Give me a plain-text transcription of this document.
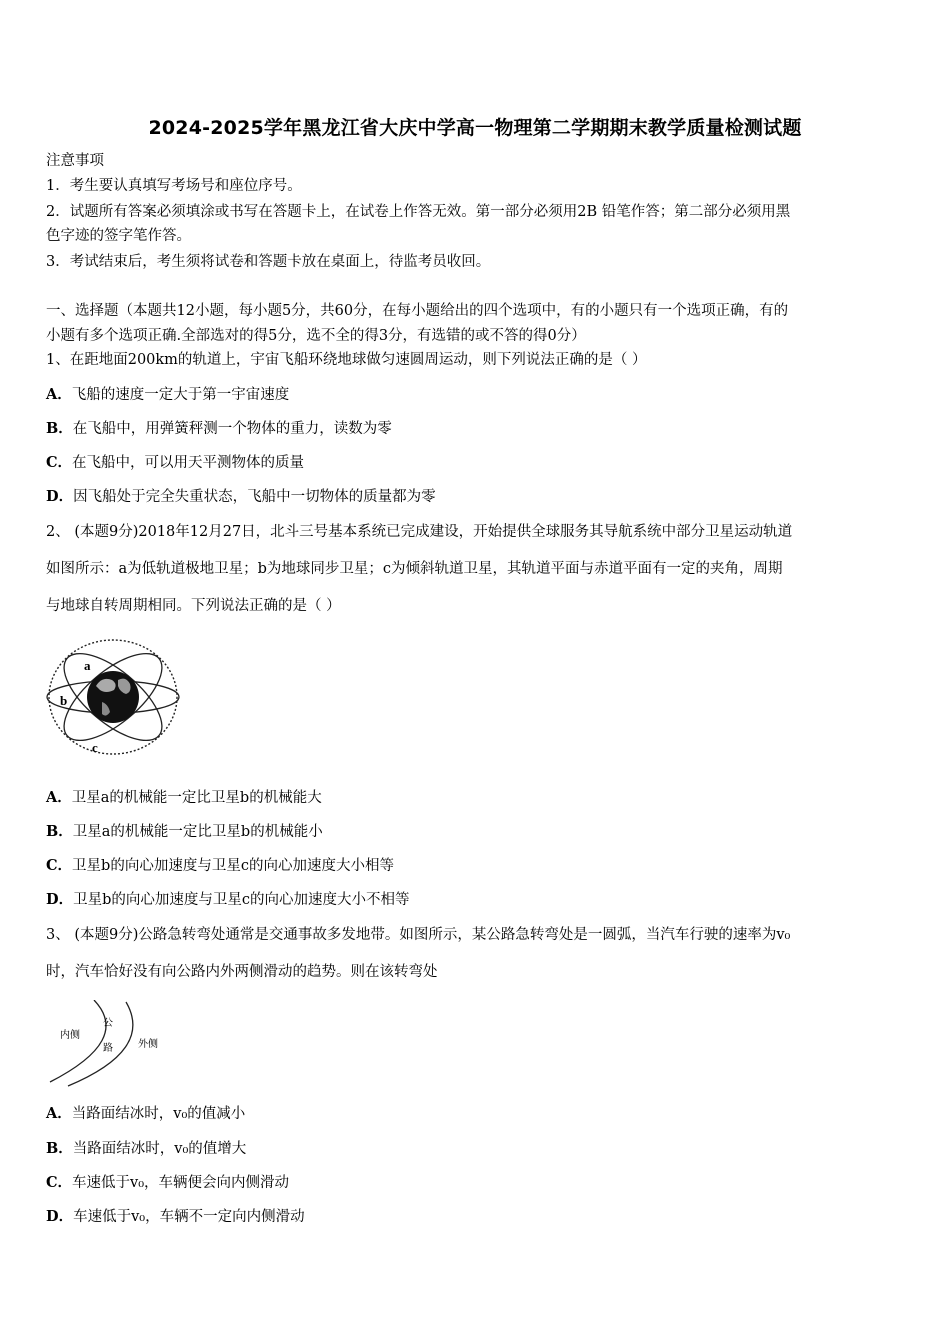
2024-2025学年黑龙江省大庆中学高一物理第二学期期末教学质量检测试题
注意事项
1．考生要认真填写考场号和座位序号。
2．试题所有答案必须填涂或书写在答题卡上，在试卷上作答无效。第一部分必须用2B 铅笔作答；第二部分必须用黑
色字迹的签字笔作答。
3．考试结束后，考生须将试卷和答题卡放在桌面上，待监考员收回。
一、选择题（本题共12小题，每小题5分，共60分，在每小题给出的四个选项中，有的小题只有一个选项正确，有的
小题有多个选项正确.全部选对的得5分，选不全的得3分，有选错的或不答的得0分）
1、在距地面200km的轨道上，宇宙飞船环绕地球做匀速圆周运动，则下列说法正确的是（ ）
A．飞船的速度一定大于第一宇宙速度
B．在飞船中，用弹簧秤测一个物体的重力，读数为零
C．在飞船中，可以用天平测物体的质量
D．因飞船处于完全失重状态，飞船中一切物体的质量都为零
2、 (本题9分)2018年12月27日，北斗三号基本系统已完成建设，开始提供全球服务其导航系统中部分卫星运动轨道
如图所示：a为低轨道极地卫星；b为地球同步卫星；c为倾斜轨道卫星，其轨道平面与赤道平面有一定的夹角，周期
与地球自转周期相同。下列说法正确的是（ ）
a
b
c
A．卫星a的机械能一定比卫星b的机械能大
B．卫星a的机械能一定比卫星b的机械能小
C．卫星b的向心加速度与卫星c的向心加速度大小相等
D．卫星b的向心加速度与卫星c的向心加速度大小不相等
3、 (本题9分)公路急转弯处通常是交通事故多发地带。如图所示，某公路急转弯处是一圆弧，当汽车行驶的速率为v₀
时，汽车恰好没有向公路内外两侧滑动的趋势。则在该转弯处
内侧
公
路	外侧
A．当路面结冰时，v₀的值减小
B．当路面结冰时，v₀的值增大
C．车速低于v₀，车辆便会向内侧滑动
D．车速低于v₀，车辆不一定向内侧滑动
